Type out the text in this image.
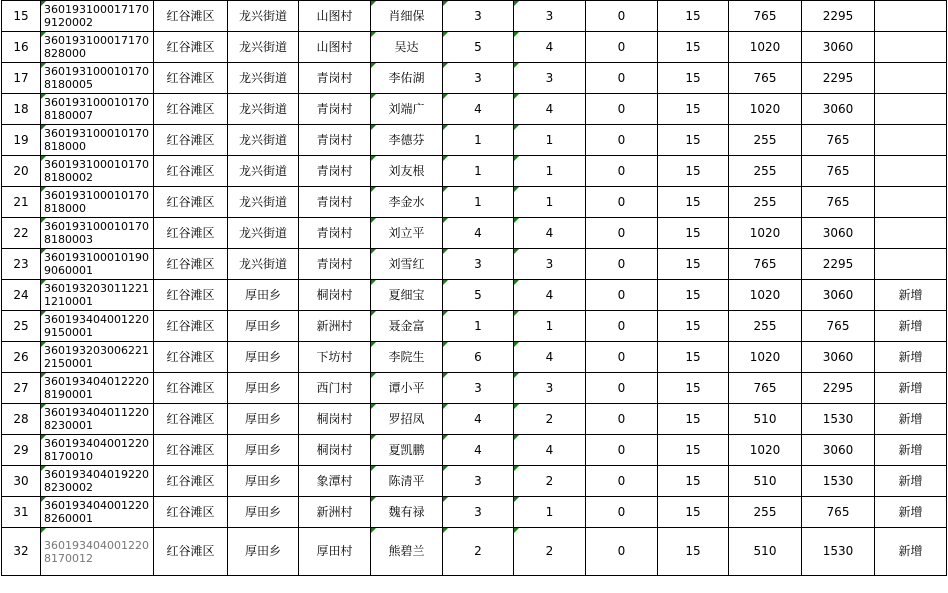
15	360193100017170
9120002	红谷滩区	龙兴街道	山图村	肖细保	3	3	0	15	765	2295	
16	360193100017170
828000	红谷滩区	龙兴街道	山图村	吴达	5	4	0	15	1020	3060	
17	360193100010170
8180005	红谷滩区	龙兴街道	青岗村	李佑湖	3	3	0	15	765	2295	
18	360193100010170
8180007	红谷滩区	龙兴街道	青岗村	刘端广	4	4	0	15	1020	3060	
19	360193100010170
818000	红谷滩区	龙兴街道	青岗村	李德芬	1	1	0	15	255	765	
20	360193100010170
8180002	红谷滩区	龙兴街道	青岗村	刘友根	1	1	0	15	255	765	
21	360193100010170
818000	红谷滩区	龙兴街道	青岗村	李金水	1	1	0	15	255	765	
22	360193100010170
8180003	红谷滩区	龙兴街道	青岗村	刘立平	4	4	0	15	1020	3060	
23	360193100010190
9060001	红谷滩区	龙兴街道	青岗村	刘雪红	3	3	0	15	765	2295	
24	360193203011221
1210001	红谷滩区	厚田乡	桐岗村	夏细宝	5	4	0	15	1020	3060	新增
25	360193404001220
9150001	红谷滩区	厚田乡	新洲村	聂金富	1	1	0	15	255	765	新增
26	360193203006221
2150001	红谷滩区	厚田乡	下坊村	李院生	6	4	0	15	1020	3060	新增
27	360193404012220
8190001	红谷滩区	厚田乡	西门村	谭小平	3	3	0	15	765	2295	新增
28	360193404011220
8230001	红谷滩区	厚田乡	桐岗村	罗招凤	4	2	0	15	510	1530	新增
29	360193404001220
8170010	红谷滩区	厚田乡	桐岗村	夏凯鹏	4	4	0	15	1020	3060	新增
30	360193404019220
8230002	红谷滩区	厚田乡	象潭村	陈清平	3	2	0	15	510	1530	新增
31	360193404001220
8260001	红谷滩区	厚田乡	新洲村	魏有禄	3	1	0	15	255	765	新增
32	360193404001220
8170012	红谷滩区	厚田乡	厚田村	熊碧兰	2	2	0	15	510	1530	新增
